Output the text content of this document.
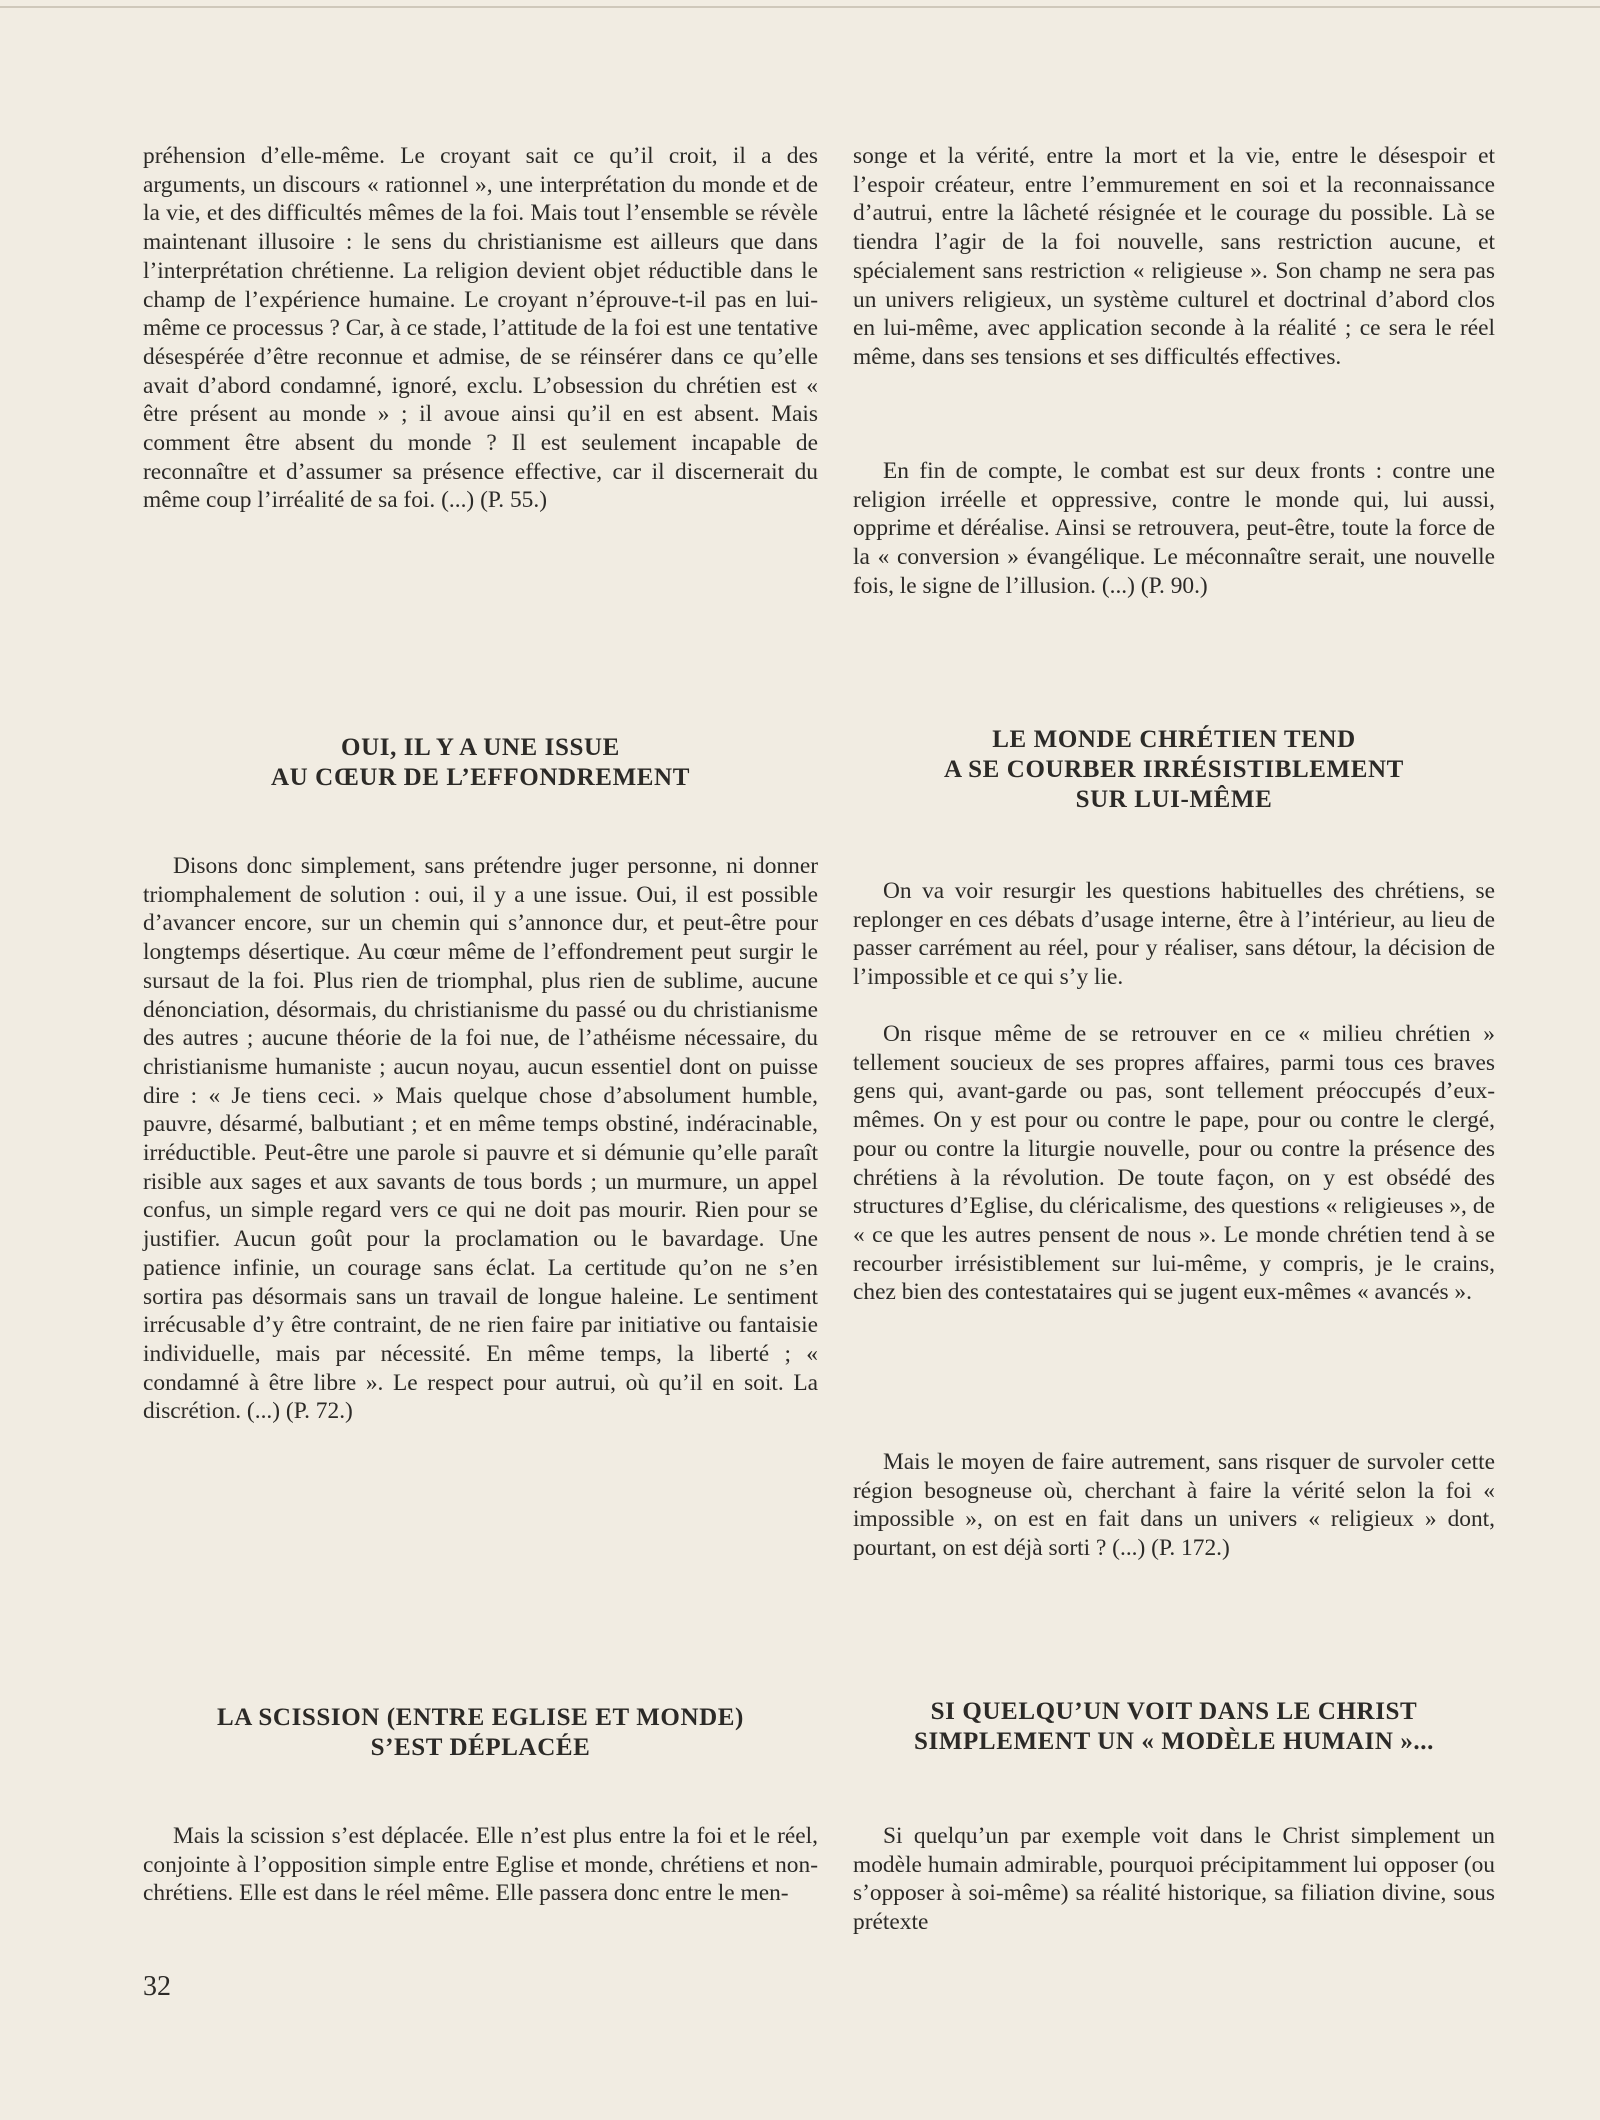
préhension d’elle-même. Le croyant sait ce qu’il croit, il a des arguments, un discours « rationnel », une interprétation du monde et de la vie, et des difficultés mêmes de la foi. Mais tout l’ensemble se révèle maintenant illusoire : le sens du christianisme est ailleurs que dans l’interprétation chrétienne. La religion devient objet réductible dans le champ de l’expérience humaine. Le croyant n’éprouve-t-il pas en lui-même ce processus ? Car, à ce stade, l’attitude de la foi est une tentative désespérée d’être reconnue et admise, de se réinsérer dans ce qu’elle avait d’abord condamné, ignoré, exclu. L’obsession du chrétien est « être présent au monde » ; il avoue ainsi qu’il en est absent. Mais comment être absent du monde ? Il est seulement incapable de reconnaître et d’assumer sa présence effective, car il discernerait du même coup l’irréalité de sa foi. (...) (P. 55.)

OUI, IL Y A UNE ISSUE
AU CŒUR DE L’EFFONDREMENT

Disons donc simplement, sans prétendre juger personne, ni donner triomphalement de solution : oui, il y a une issue. Oui, il est possible d’avancer encore, sur un chemin qui s’annonce dur, et peut-être pour longtemps désertique. Au cœur même de l’effondrement peut surgir le sursaut de la foi. Plus rien de triomphal, plus rien de sublime, aucune dénonciation, désormais, du christianisme du passé ou du christianisme des autres ; aucune théorie de la foi nue, de l’athéisme nécessaire, du christianisme humaniste ; aucun noyau, aucun essentiel dont on puisse dire : « Je tiens ceci. » Mais quelque chose d’absolument humble, pauvre, désarmé, balbutiant ; et en même temps obstiné, indéracinable, irréductible. Peut-être une parole si pauvre et si démunie qu’elle paraît risible aux sages et aux savants de tous bords ; un murmure, un appel confus, un simple regard vers ce qui ne doit pas mourir. Rien pour se justifier. Aucun goût pour la proclamation ou le bavardage. Une patience infinie, un courage sans éclat. La certitude qu’on ne s’en sortira pas désormais sans un travail de longue haleine. Le sentiment irrécusable d’y être contraint, de ne rien faire par initiative ou fantaisie individuelle, mais par nécessité. En même temps, la liberté ; « condamné à être libre ». Le respect pour autrui, où qu’il en soit. La discrétion. (...) (P. 72.)

LA SCISSION (ENTRE EGLISE ET MONDE)
S’EST DÉPLACÉE

Mais la scission s’est déplacée. Elle n’est plus entre la foi et le réel, conjointe à l’opposition simple entre Eglise et monde, chrétiens et non-chrétiens. Elle est dans le réel même. Elle passera donc entre le men-

songe et la vérité, entre la mort et la vie, entre le désespoir et l’espoir créateur, entre l’emmurement en soi et la reconnaissance d’autrui, entre la lâcheté résignée et le courage du possible. Là se tiendra l’agir de la foi nouvelle, sans restriction aucune, et spécialement sans restriction « religieuse ». Son champ ne sera pas un univers religieux, un système culturel et doctrinal d’abord clos en lui-même, avec application seconde à la réalité ; ce sera le réel même, dans ses tensions et ses difficultés effectives.

En fin de compte, le combat est sur deux fronts : contre une religion irréelle et oppressive, contre le monde qui, lui aussi, opprime et déréalise. Ainsi se retrouvera, peut-être, toute la force de la « conversion » évangélique. Le méconnaître serait, une nouvelle fois, le signe de l’illusion. (...) (P. 90.)

LE MONDE CHRÉTIEN TEND
A SE COURBER IRRÉSISTIBLEMENT
SUR LUI-MÊME

On va voir resurgir les questions habituelles des chrétiens, se replonger en ces débats d’usage interne, être à l’intérieur, au lieu de passer carrément au réel, pour y réaliser, sans détour, la décision de l’impossible et ce qui s’y lie.

On risque même de se retrouver en ce « milieu chrétien » tellement soucieux de ses propres affaires, parmi tous ces braves gens qui, avant-garde ou pas, sont tellement préoccupés d’eux-mêmes. On y est pour ou contre le pape, pour ou contre le clergé, pour ou contre la liturgie nouvelle, pour ou contre la présence des chrétiens à la révolution. De toute façon, on y est obsédé des structures d’Eglise, du cléricalisme, des questions « religieuses », de « ce que les autres pensent de nous ». Le monde chrétien tend à se recourber irrésistiblement sur lui-même, y compris, je le crains, chez bien des contestataires qui se jugent eux-mêmes « avancés ».

Mais le moyen de faire autrement, sans risquer de survoler cette région besogneuse où, cherchant à faire la vérité selon la foi « impossible », on est en fait dans un univers « religieux » dont, pourtant, on est déjà sorti ? (...) (P. 172.)

SI QUELQU’UN VOIT DANS LE CHRIST
SIMPLEMENT UN « MODÈLE HUMAIN »...

Si quelqu’un par exemple voit dans le Christ simplement un modèle humain admirable, pourquoi précipitamment lui opposer (ou s’opposer à soi-même) sa réalité historique, sa filiation divine, sous prétexte

32
